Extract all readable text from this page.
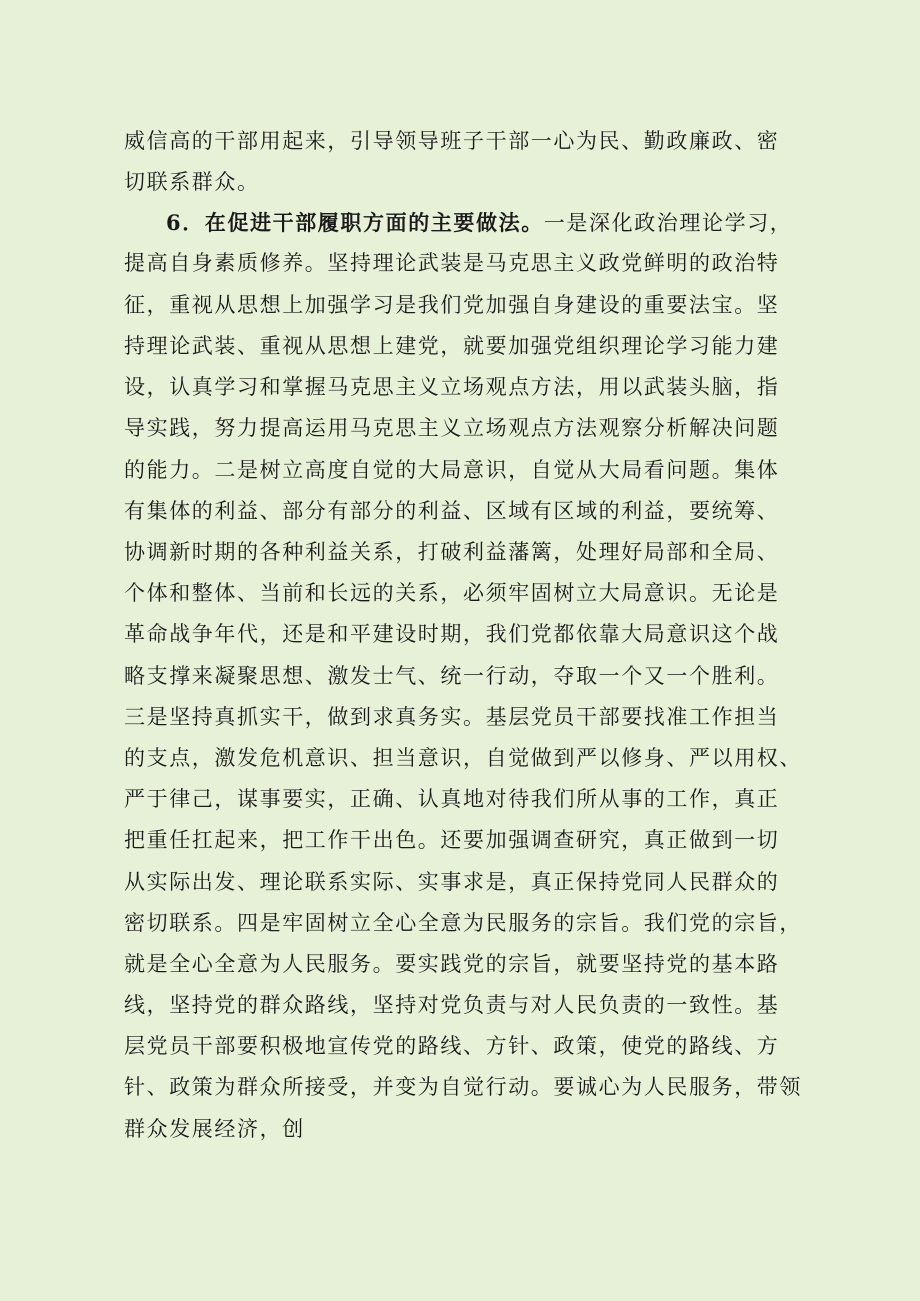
威信高的干部用起来，引导领导班子干部一心为民、勤政廉政、密
切联系群众。
6．在促进干部履职方面的主要做法。一是深化政治理论学习，
提高自身素质修养。坚持理论武装是马克思主义政党鲜明的政治特
征，重视从思想上加强学习是我们党加强自身建设的重要法宝。坚
持理论武装、重视从思想上建党，就要加强党组织理论学习能力建
设，认真学习和掌握马克思主义立场观点方法，用以武装头脑，指
导实践，努力提高运用马克思主义立场观点方法观察分析解决问题
的能力。二是树立高度自觉的大局意识，自觉从大局看问题。集体
有集体的利益、部分有部分的利益、区域有区域的利益，要统筹、
协调新时期的各种利益关系，打破利益藩篱，处理好局部和全局、
个体和整体、当前和长远的关系，必须牢固树立大局意识。无论是
革命战争年代，还是和平建设时期，我们党都依靠大局意识这个战
略支撑来凝聚思想、激发士气、统一行动，夺取一个又一个胜利。
三是坚持真抓实干，做到求真务实。基层党员干部要找准工作担当
的支点，激发危机意识、担当意识，自觉做到严以修身、严以用权、
严于律己，谋事要实，正确、认真地对待我们所从事的工作，真正
把重任扛起来，把工作干出色。还要加强调查研究，真正做到一切
从实际出发、理论联系实际、实事求是，真正保持党同人民群众的
密切联系。四是牢固树立全心全意为民服务的宗旨。我们党的宗旨，
就是全心全意为人民服务。要实践党的宗旨，就要坚持党的基本路
线，坚持党的群众路线，坚持对党负责与对人民负责的一致性。基
层党员干部要积极地宣传党的路线、方针、政策，使党的路线、方
针、政策为群众所接受，并变为自觉行动。要诚心为人民服务，带领
群众发展经济，创
